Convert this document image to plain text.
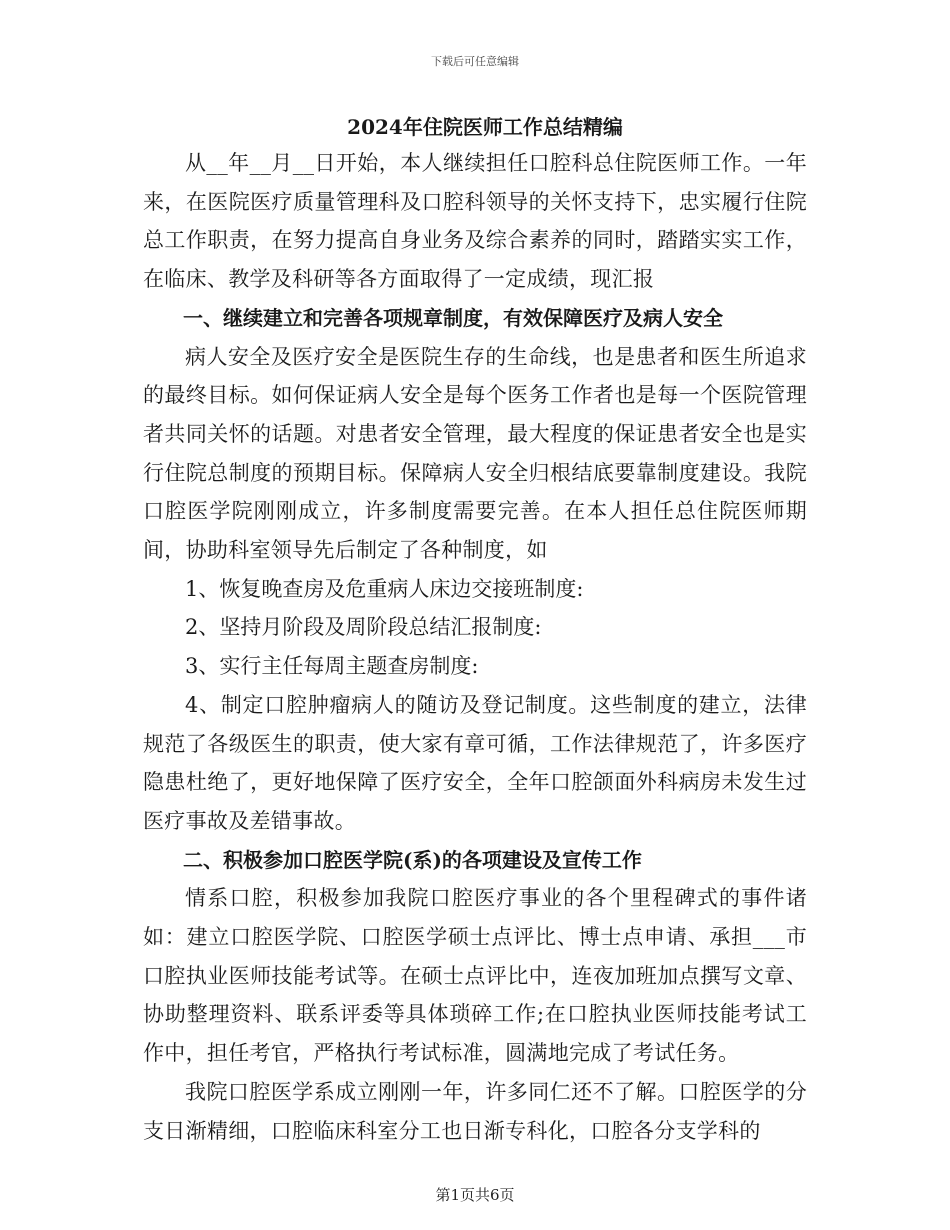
下载后可任意编辑
2024年住院医师工作总结精编

从__年__月__日开始，本人继续担任口腔科总住院医师工作。一年来，在医院医疗质量管理科及口腔科领导的关怀支持下，忠实履行住院总工作职责，在努力提高自身业务及综合素养的同时，踏踏实实工作，在临床、教学及科研等各方面取得了一定成绩，现汇报

一、继续建立和完善各项规章制度，有效保障医疗及病人安全

病人安全及医疗安全是医院生存的生命线，也是患者和医生所追求的最终目标。如何保证病人安全是每个医务工作者也是每一个医院管理者共同关怀的话题。对患者安全管理，最大程度的保证患者安全也是实行住院总制度的预期目标。保障病人安全归根结底要靠制度建设。我院口腔医学院刚刚成立，许多制度需要完善。在本人担任总住院医师期间，协助科室领导先后制定了各种制度，如

1、恢复晚查房及危重病人床边交接班制度:

2、坚持月阶段及周阶段总结汇报制度:

3、实行主任每周主题查房制度:

4、制定口腔肿瘤病人的随访及登记制度。这些制度的建立，法律规范了各级医生的职责，使大家有章可循，工作法律规范了，许多医疗隐患杜绝了，更好地保障了医疗安全，全年口腔颌面外科病房未发生过医疗事故及差错事故。

二、积极参加口腔医学院(系)的各项建设及宣传工作

情系口腔，积极参加我院口腔医疗事业的各个里程碑式的事件诸如：建立口腔医学院、口腔医学硕士点评比、博士点申请、承担___市口腔执业医师技能考试等。在硕士点评比中，连夜加班加点撰写文章、协助整理资料、联系评委等具体琐碎工作;在口腔执业医师技能考试工作中，担任考官，严格执行考试标准，圆满地完成了考试任务。

我院口腔医学系成立刚刚一年，许多同仁还不了解。口腔医学的分支日渐精细，口腔临床科室分工也日渐专科化，口腔各分支学科的

第1页共6页
